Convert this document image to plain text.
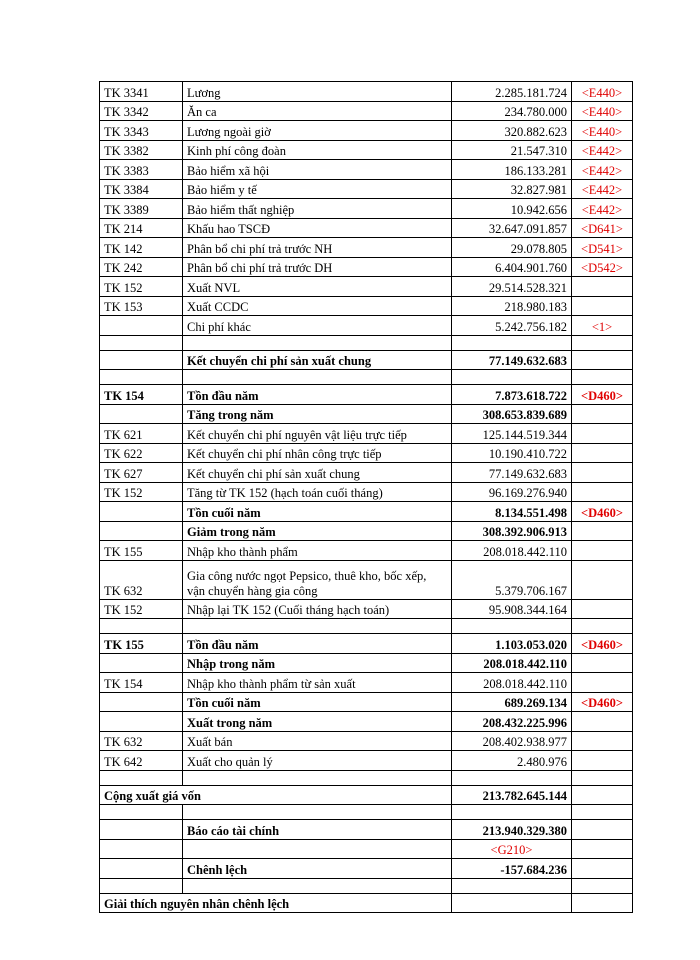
TK 3341	Lương	2.285.181.724	<E440>
TK 3342	Ăn ca	234.780.000	<E440>
TK 3343	Lương ngoài giờ	320.882.623	<E440>
TK 3382	Kinh phí công đoàn	21.547.310	<E442>
TK 3383	Bảo hiểm xã hội	186.133.281	<E442>
TK 3384	Bảo hiểm y tế	32.827.981	<E442>
TK 3389	Bảo hiểm thất nghiệp	10.942.656	<E442>
TK 214	Khấu hao TSCĐ	32.647.091.857	<D641>
TK 142	Phân bổ chi phí trả trước NH	29.078.805	<D541>
TK 242	Phân bổ chi phí trả trước DH	6.404.901.760	<D542>
TK 152	Xuất NVL	29.514.528.321	
TK 153	Xuất CCDC	218.980.183	
	Chi phí khác	5.242.756.182	<1>

	Kết chuyển chi phí sản xuất chung	77.149.632.683	

TK 154	Tồn đầu năm	7.873.618.722	<D460>
	Tăng trong năm	308.653.839.689	
TK 621	Kết chuyển chi phí nguyên vật liệu trực tiếp	125.144.519.344	
TK 622	Kết chuyển chi phí nhân công trực tiếp	10.190.410.722	
TK 627	Kết chuyển chi phí sản xuất chung	77.149.632.683	
TK 152	Tăng từ TK 152 (hạch toán cuối tháng)	96.169.276.940	
	Tồn cuối năm	8.134.551.498	<D460>
	Giảm trong năm	308.392.906.913	
TK 155	Nhập kho thành phẩm	208.018.442.110	
TK 632	Gia công nước ngọt Pepsico, thuê kho, bốc xếp, vận chuyển hàng gia công	5.379.706.167	
TK 152	Nhập lại TK 152 (Cuối tháng hạch toán)	95.908.344.164	

TK 155	Tồn đầu năm	1.103.053.020	<D460>
	Nhập trong năm	208.018.442.110	
TK 154	Nhập kho thành phẩm từ sản xuất	208.018.442.110	
	Tồn cuối năm	689.269.134	<D460>
	Xuất trong năm	208.432.225.996	
TK 632	Xuất bán	208.402.938.977	
TK 642	Xuất cho quản lý	2.480.976	

Cộng xuất giá vốn		213.782.645.144	

	Báo cáo tài chính	213.940.329.380	
		<G210>	
	Chênh lệch	-157.684.236	

Giải thích nguyên nhân chênh lệch			
